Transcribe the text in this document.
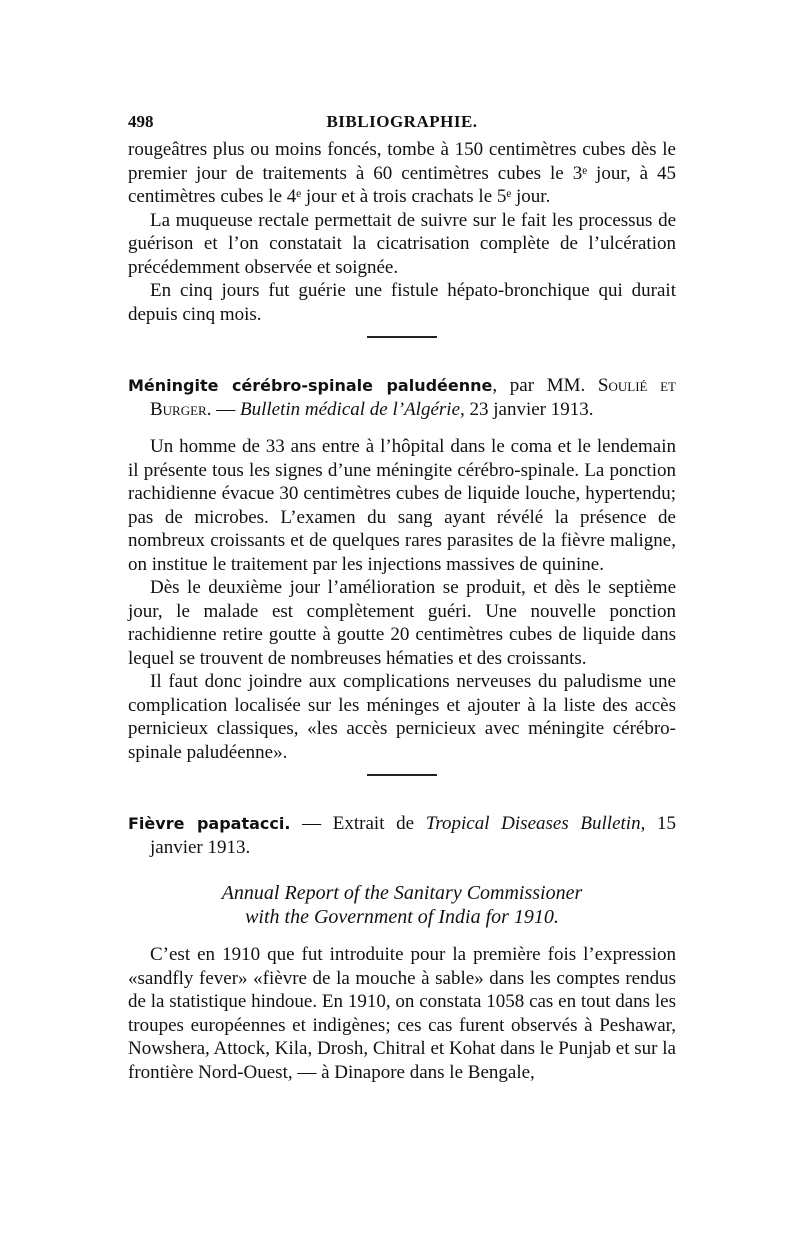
498	BIBLIOGRAPHIE.

rougeâtres plus ou moins foncés, tombe à 150 centimètres cubes dès le premier jour de traitements à 60 centimètres cubes le 3ᵉ jour, à 45 centimètres cubes le 4ᵉ jour et à trois crachats le 5ᵉ jour.

La muqueuse rectale permettait de suivre sur le fait les processus de guérison et l’on constatait la cicatrisation complète de l’ulcération précédemment observée et soignée.

En cinq jours fut guérie une fistule hépato-bronchique qui durait depuis cinq mois.

Méningite cérébro-spinale paludéenne, par MM. Soulié et Burger. — Bulletin médical de l’Algérie, 23 janvier 1913.

Un homme de 33 ans entre à l’hôpital dans le coma et le lendemain il présente tous les signes d’une méningite cérébro-spinale. La ponction rachidienne évacue 30 centimètres cubes de liquide louche, hypertendu; pas de microbes. L’examen du sang ayant révélé la présence de nombreux croissants et de quelques rares parasites de la fièvre maligne, on institue le traitement par les injections massives de quinine.

Dès le deuxième jour l’amélioration se produit, et dès le septième jour, le malade est complètement guéri. Une nouvelle ponction rachidienne retire goutte à goutte 20 centimètres cubes de liquide dans lequel se trouvent de nombreuses hématies et des croissants.

Il faut donc joindre aux complications nerveuses du paludisme une complication localisée sur les méninges et ajouter à la liste des accès pernicieux classiques, «les accès pernicieux avec méningite cérébro-spinale paludéenne».

Fièvre papatacci. — Extrait de Tropical Diseases Bulletin, 15 janvier 1913.
Annual Report of the Sanitary Commissioner
with the Government of India for 1910.

C’est en 1910 que fut introduite pour la première fois l’expression «sandfly fever» «fièvre de la mouche à sable» dans les comptes rendus de la statistique hindoue. En 1910, on constata 1058 cas en tout dans les troupes européennes et indigènes; ces cas furent observés à Peshawar, Nowshera, Attock, Kila, Drosh, Chitral et Kohat dans le Punjab et sur la frontière Nord-Ouest, — à Dinapore dans le Bengale,
